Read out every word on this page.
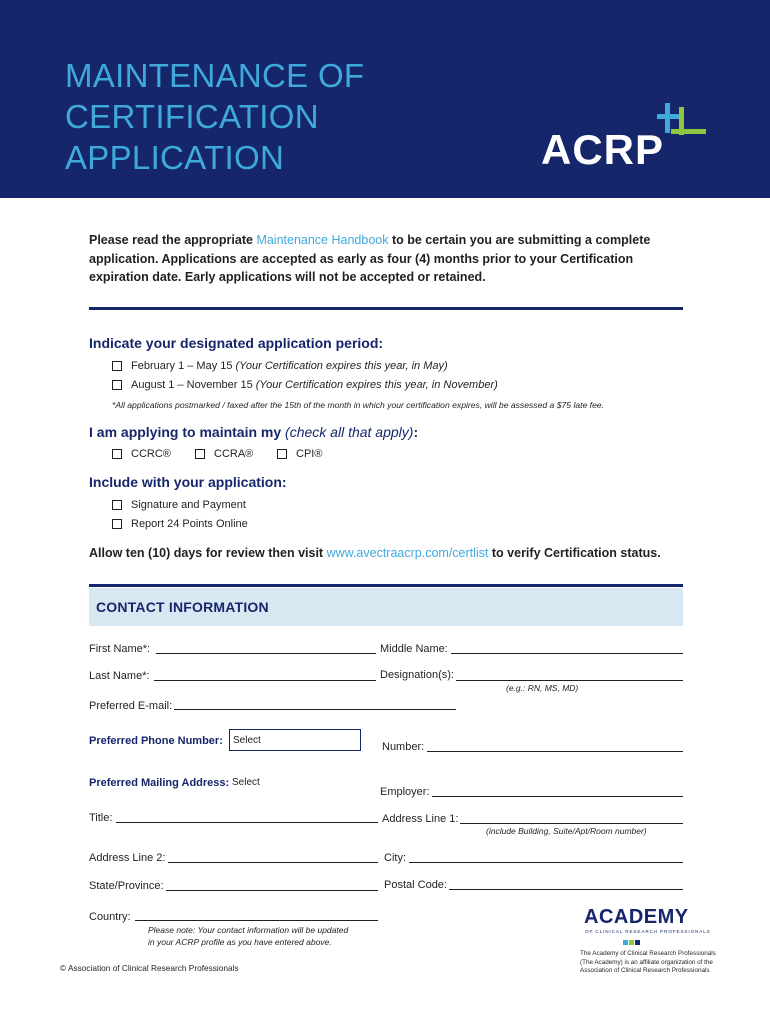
MAINTENANCE OF
CERTIFICATION
APPLICATION	ACRP
Please read the appropriate Maintenance Handbook to be certain you are submitting a complete application. Applications are accepted as early as four (4) months prior to your Certification expiration date. Early applications will not be accepted or retained.
Indicate your designated application period:
February 1 – May 15 (Your Certification expires this year, in May)
August 1 – November 15 (Your Certification expires this year, in November)
*All applications postmarked / faxed after the 15th of the month in which your certification expires, will be assessed a $75 late fee.
I am applying to maintain my (check all that apply):
CCRC®	CCRA®	CPI®
Include with your application:
Signature and Payment
Report 24 Points Online
Allow ten (10) days for review then visit www.avectraacrp.com/certlist to verify Certification status.
CONTACT INFORMATION
First Name*:	Middle Name:
Last Name*:	Designation(s):
(e.g.: RN, MS, MD)
Preferred E-mail:
Preferred Phone Number:	Select
Number:
Preferred Mailing Address: Select
Employer:
Title:	Address Line 1:
(include Building, Suite/Apt/Room number)
Address Line 2:	City:
State/Province:	Postal Code:
Country:
Please note: Your contact information will be updated
in your ACRP profile as you have entered above.
© Association of Clinical Research Professionals
ACADEMY
OF CLINICAL RESEARCH PROFESSIONALS
The Academy of Clinical Research Professionals
(The Academy) is an affiliate organization of the
Association of Clinical Research Professionals
